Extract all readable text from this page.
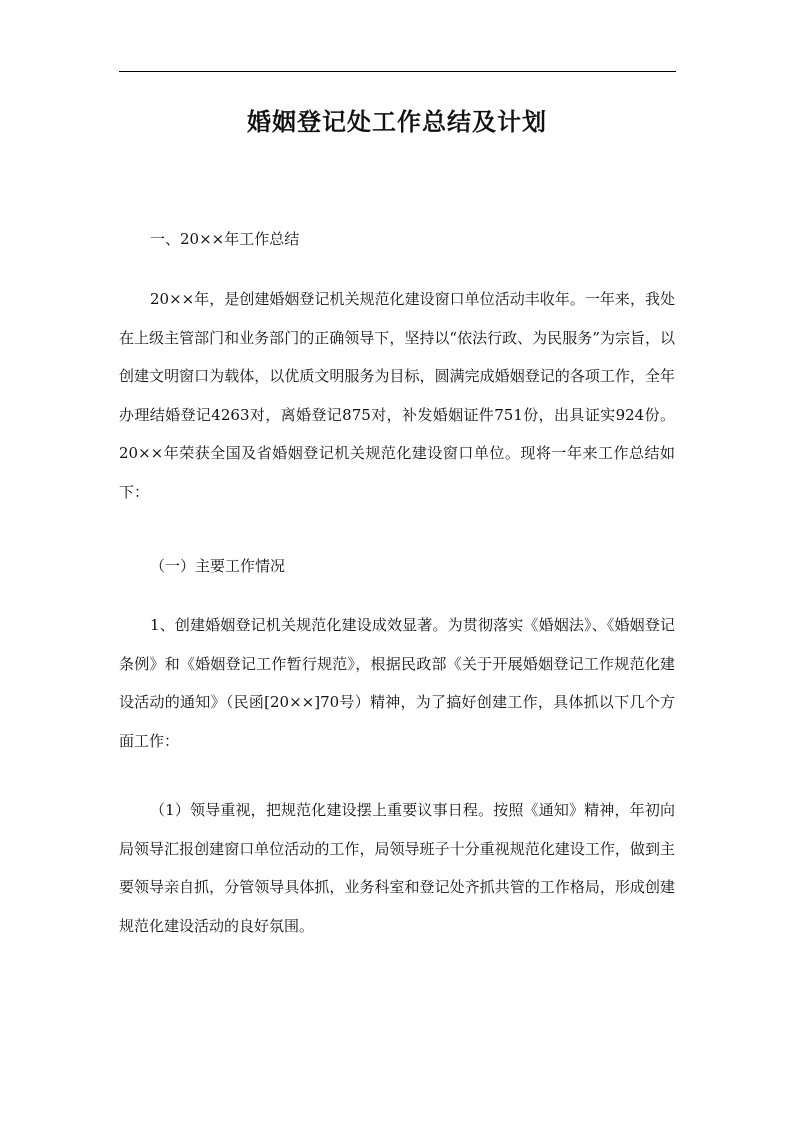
婚姻登记处工作总结及计划

一、20××年工作总结

20××年，是创建婚姻登记机关规范化建设窗口单位活动丰收年。一年来，我处在上级主管部门和业务部门的正确领导下，坚持以“依法行政、为民服务”为宗旨，以创建文明窗口为载体，以优质文明服务为目标，圆满完成婚姻登记的各项工作，全年办理结婚登记4263对，离婚登记875对，补发婚姻证件751份，出具证实924份。20××年荣获全国及省婚姻登记机关规范化建设窗口单位。现将一年来工作总结如下：

（一）主要工作情况

1、创建婚姻登记机关规范化建设成效显著。为贯彻落实《婚姻法》、《婚姻登记条例》和《婚姻登记工作暂行规范》，根据民政部《关于开展婚姻登记工作规范化建设活动的通知》（民函[20××]70号）精神，为了搞好创建工作，具体抓以下几个方面工作：

（1）领导重视，把规范化建设摆上重要议事日程。按照《通知》精神，年初向局领导汇报创建窗口单位活动的工作，局领导班子十分重视规范化建设工作，做到主要领导亲自抓，分管领导具体抓，业务科室和登记处齐抓共管的工作格局，形成创建规范化建设活动的良好氛围。
